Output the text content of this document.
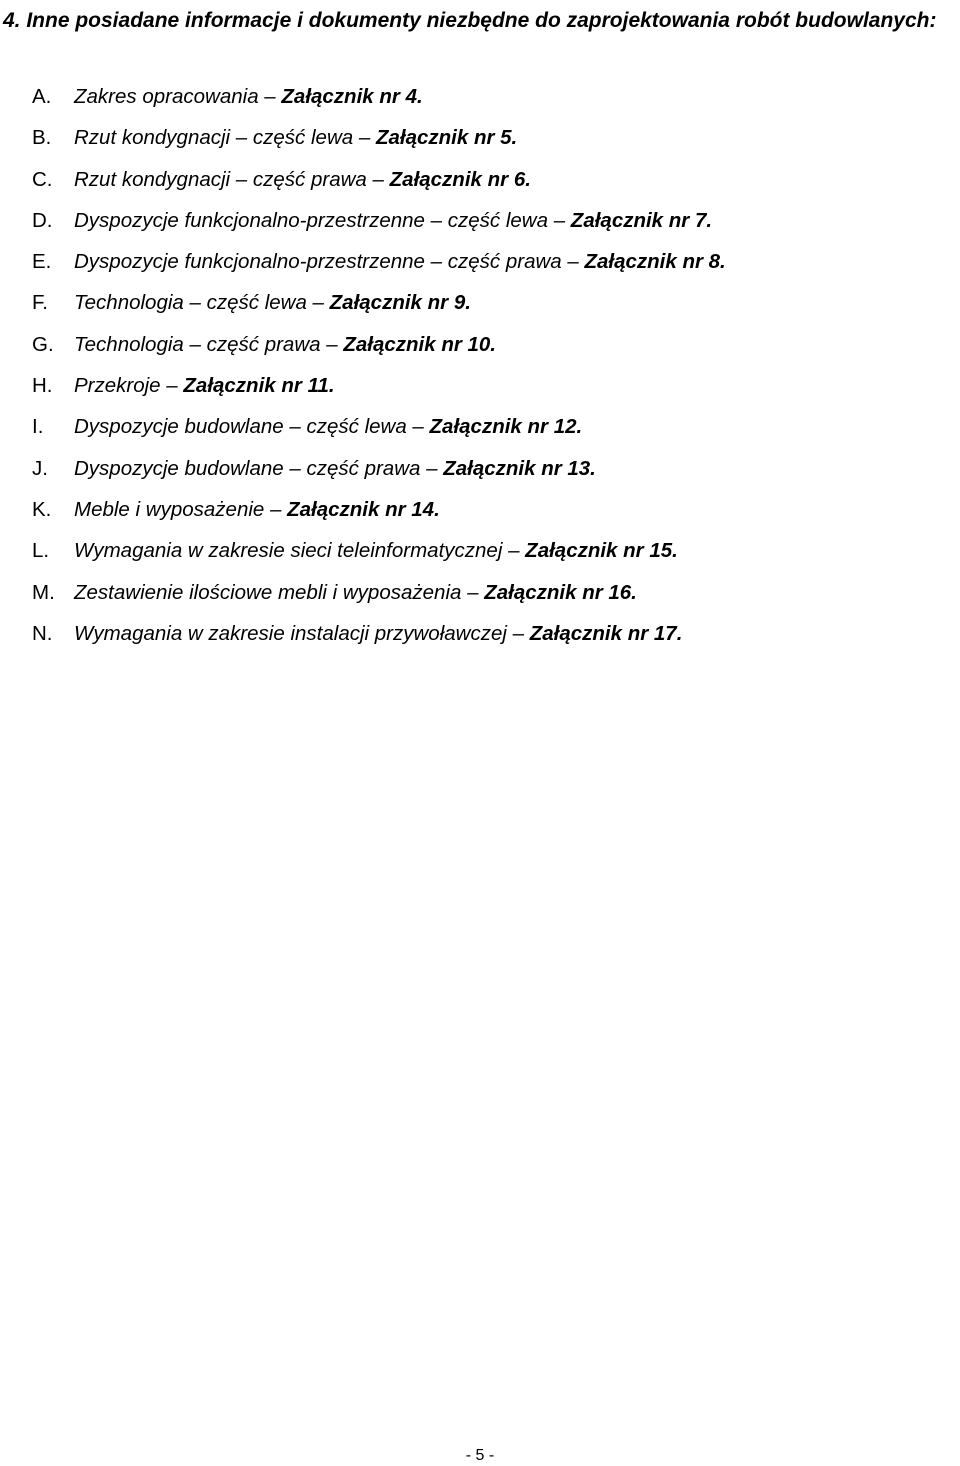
4. Inne posiadane informacje i dokumenty niezbędne do zaprojektowania robót budowlanych:
A. Zakres opracowania – Załącznik nr 4.
B. Rzut kondygnacji – część lewa – Załącznik nr 5.
C. Rzut kondygnacji – część prawa – Załącznik nr 6.
D. Dyspozycje funkcjonalno-przestrzenne – część lewa – Załącznik nr 7.
E. Dyspozycje funkcjonalno-przestrzenne – część prawa – Załącznik nr 8.
F. Technologia – część lewa – Załącznik nr 9.
G. Technologia – część prawa – Załącznik nr 10.
H. Przekroje – Załącznik nr 11.
I. Dyspozycje budowlane – część lewa – Załącznik nr 12.
J. Dyspozycje budowlane – część prawa – Załącznik nr 13.
K. Meble i wyposażenie – Załącznik nr 14.
L. Wymagania w zakresie sieci teleinformatycznej – Załącznik nr 15.
M. Zestawienie ilościowe mebli i wyposażenia – Załącznik nr 16.
N. Wymagania w zakresie instalacji przywoławczej – Załącznik nr 17.
- 5 -
